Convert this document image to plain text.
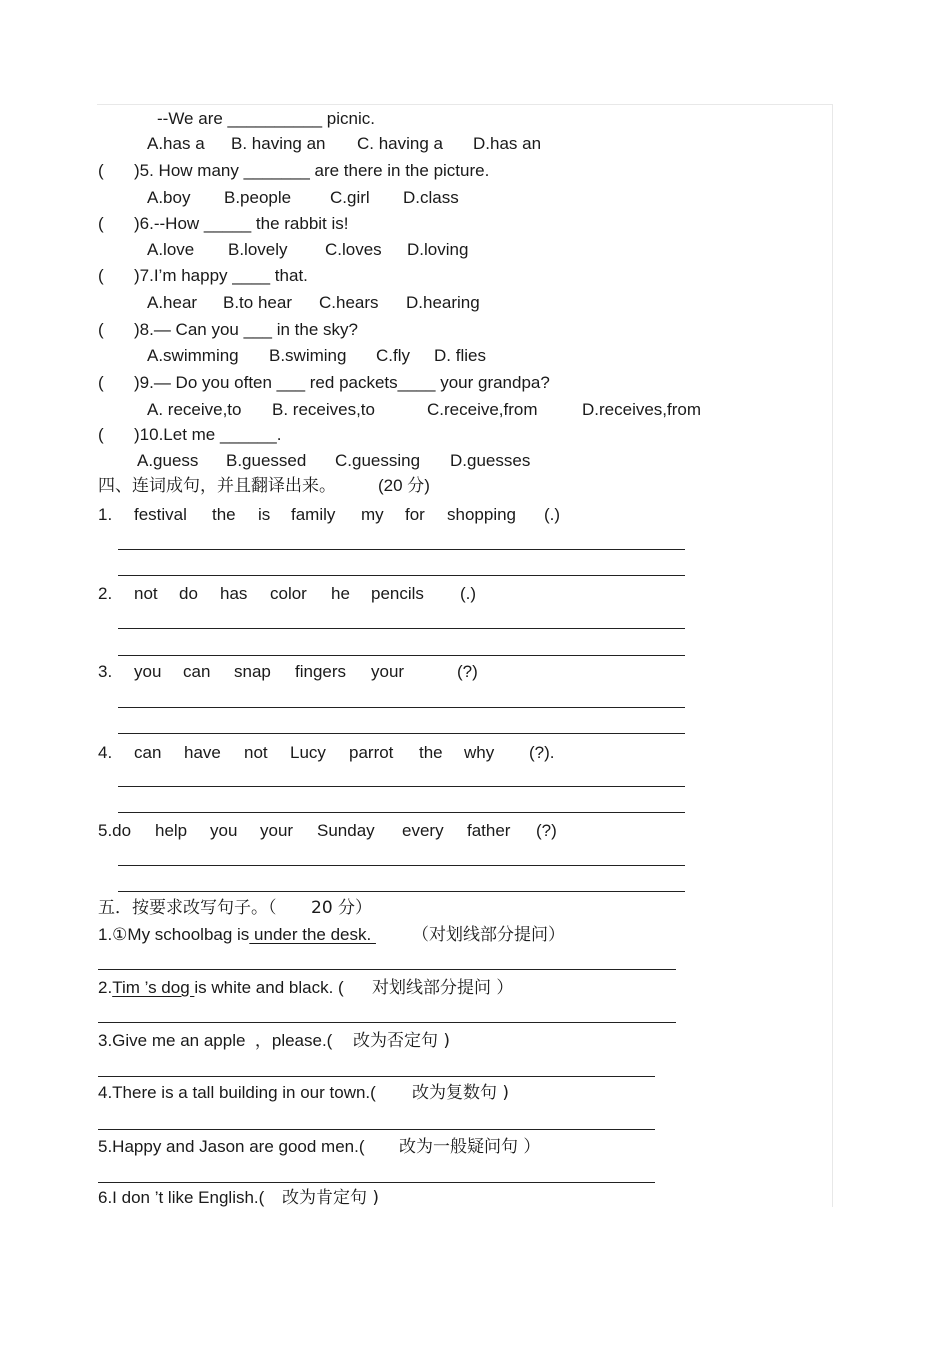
--We are __________ picnic.
A.has a B. having an C. having a D.has an
( )5. How many _______ are there in the picture.
A.boy B.people C.girl D.class
( )6.--How _____ the rabbit is!
A.love B.lovely C.loves D.loving
( )7.I’m happy ____ that.
A.hear B.to hear C.hears D.hearing
( )8.— Can you ___ in the sky?
A.swimming B.swiming C.fly D. flies
( )9.— Do you often ___ red packets____ your grandpa?
A. receive,to B. receives,to	C.receive,from	D.receives,from
( )10.Let me ______.
A.guess B.guessed C.guessing D.guesses
四、连词成句，并且翻译出来。 (20 分)
1. festival the is family my for shopping (.)
2. not do has color he pencils (.)
3. you can snap fingers your	(?)
4. can have not Lucy parrot the why (?).
5.do help you your Sunday every father (?)
五．按要求改写句子。（ 20 分）
1.①My schoolbag is under the desk. （对划线部分提问）
2.Tim ’s dog is white and black. ( 对划线部分提问 ）
3.Give me an apple  ，please.( 改为否定句 )
4.There is a tall building in our town.( 改为复数句 )
5.Happy and Jason are good men.( 改为一般疑问句 ）
6.I don ’t like English.( 改为肯定句 )
